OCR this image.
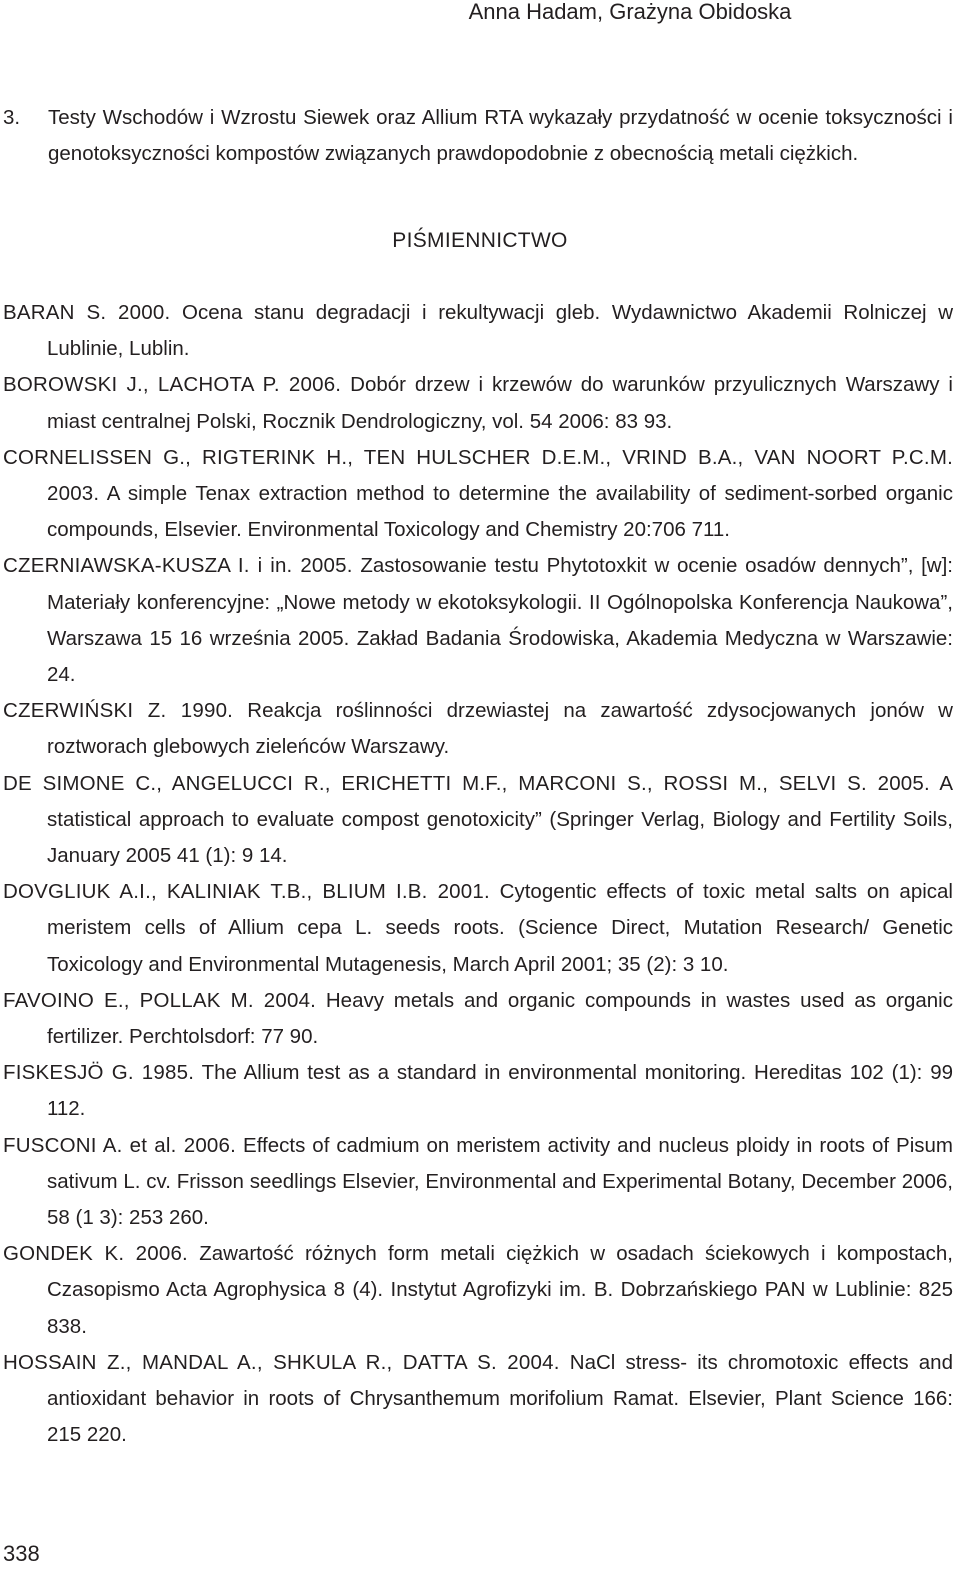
Anna Hadam, Grażyna Obidoska

3. Testy Wschodów i Wzrostu Siewek oraz Allium RTA wykazały przydatność w ocenie toksyczności i genotoksyczności kompostów związanych prawdopodobnie z obecnością metali ciężkich.

PIŚMIENNICTWO
BARAN S. 2000. Ocena stanu degradacji i rekultywacji gleb. Wydawnictwo Akademii Rolniczej w Lublinie, Lublin.
BOROWSKI J., LACHOTA P. 2006. Dobór drzew i krzewów do warunków przyulicznych Warszawy i miast centralnej Polski, Rocznik Dendrologiczny, vol. 54 2006: 83 93.
CORNELISSEN G., RIGTERINK H., TEN HULSCHER D.E.M., VRIND B.A., VAN NOORT P.C.M. 2003. A simple Tenax extraction method to determine the availability of sediment-sorbed organic compounds, Elsevier. Environmental Toxicology and Chemistry 20:706 711.
CZERNIAWSKA-KUSZA I. i in. 2005. Zastosowanie testu Phytotoxkit w ocenie osadów dennych”, [w]: Materiały konferencyjne: „Nowe metody w ekotoksykologii. II Ogólnopolska Konferencja Naukowa”, Warszawa 15 16 września 2005. Zakład Badania Środowiska, Akademia Medyczna w Warszawie: 24.
CZERWIŃSKI Z. 1990. Reakcja roślinności drzewiastej na zawartość zdysocjowanych jonów w roztworach glebowych zieleńców Warszawy.
DE SIMONE C., ANGELUCCI R., ERICHETTI M.F., MARCONI S., ROSSI M., SELVI S. 2005. A statistical approach to evaluate compost genotoxicity” (Springer Verlag, Biology and Fertility Soils, January 2005 41 (1): 9 14.
DOVGLIUK A.I., KALINIAK T.B., BLIUM I.B. 2001. Cytogentic effects of toxic metal salts on apical meristem cells of Allium cepa L. seeds roots. (Science Direct, Mutation Research/ Genetic Toxicology and Environmental Mutagenesis, March April 2001; 35 (2): 3 10.
FAVOINO E., POLLAK M. 2004. Heavy metals and organic compounds in wastes used as organic fertilizer. Perchtolsdorf: 77 90.
FISKESJÖ G. 1985. The Allium test as a standard in environmental monitoring. Hereditas 102 (1): 99 112.
FUSCONI A. et al. 2006. Effects of cadmium on meristem activity and nucleus ploidy in roots of Pisum sativum L. cv. Frisson seedlings Elsevier, Environmental and Experimental Botany, December 2006, 58 (1 3): 253 260.
GONDEK K. 2006. Zawartość różnych form metali ciężkich w osadach ściekowych i kompostach, Czasopismo Acta Agrophysica 8 (4). Instytut Agrofizyki im. B. Dobrzańskiego PAN w Lublinie: 825 838.
HOSSAIN Z., MANDAL A., SHKULA R., DATTA S. 2004. NaCl stress- its chromotoxic effects and antioxidant behavior in roots of Chrysanthemum morifolium Ramat. Elsevier, Plant Science 166: 215 220.
338
